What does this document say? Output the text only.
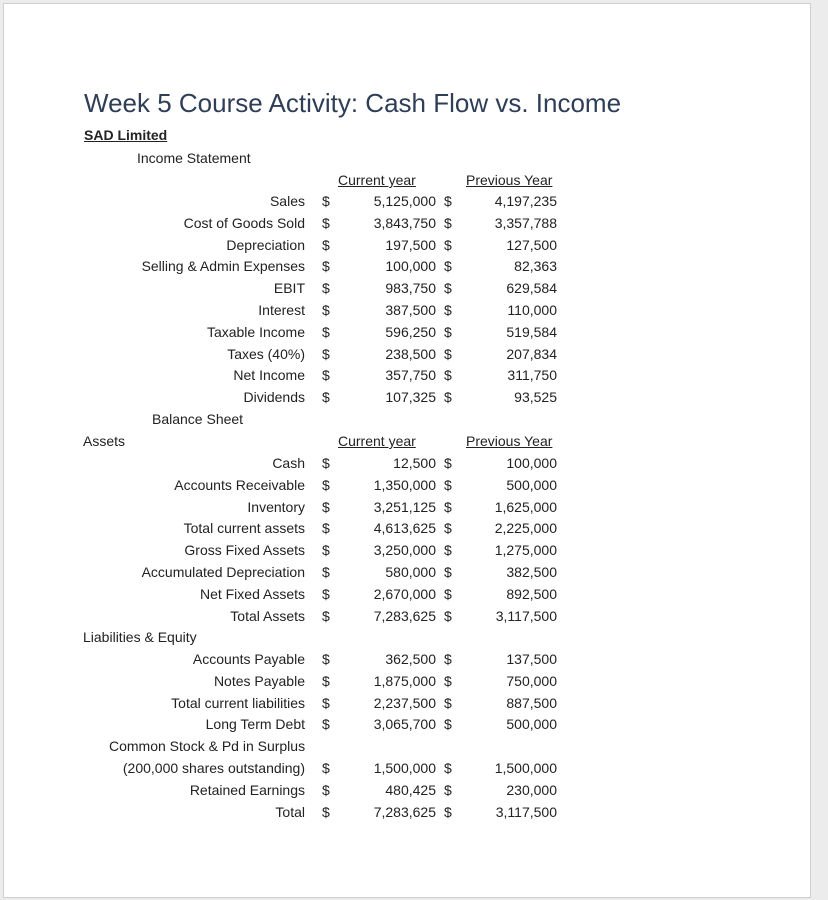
Week 5 Course Activity: Cash Flow vs. Income
SAD Limited
Income Statement
Current year	Previous Year
Sales $	5,125,000 $	4,197,235
Cost of Goods Sold $	3,843,750 $	3,357,788
Depreciation $	197,500 $	127,500
Selling & Admin Expenses $	100,000 $	82,363
EBIT $	983,750 $	629,584
Interest $	387,500 $	110,000
Taxable Income $	596,250 $	519,584
Taxes (40%) $	238,500 $	207,834
Net Income $	357,750 $	311,750
Dividends $	107,325 $	93,525
Balance Sheet
Assets	Current year	Previous Year
Cash $	12,500 $	100,000
Accounts Receivable $	1,350,000 $	500,000
Inventory $	3,251,125 $	1,625,000
Total current assets $	4,613,625 $	2,225,000
Gross Fixed Assets $	3,250,000 $	1,275,000
Accumulated Depreciation $	580,000 $	382,500
Net Fixed Assets $	2,670,000 $	892,500
Total Assets $	7,283,625 $	3,117,500
Liabilities & Equity
Accounts Payable $	362,500 $	137,500
Notes Payable $	1,875,000 $	750,000
Total current liabilities $	2,237,500 $	887,500
Long Term Debt $	3,065,700 $	500,000
Common Stock & Pd in Surplus
(200,000 shares outstanding) $	1,500,000 $	1,500,000
Retained Earnings $	480,425 $	230,000
Total $	7,283,625 $	3,117,500
